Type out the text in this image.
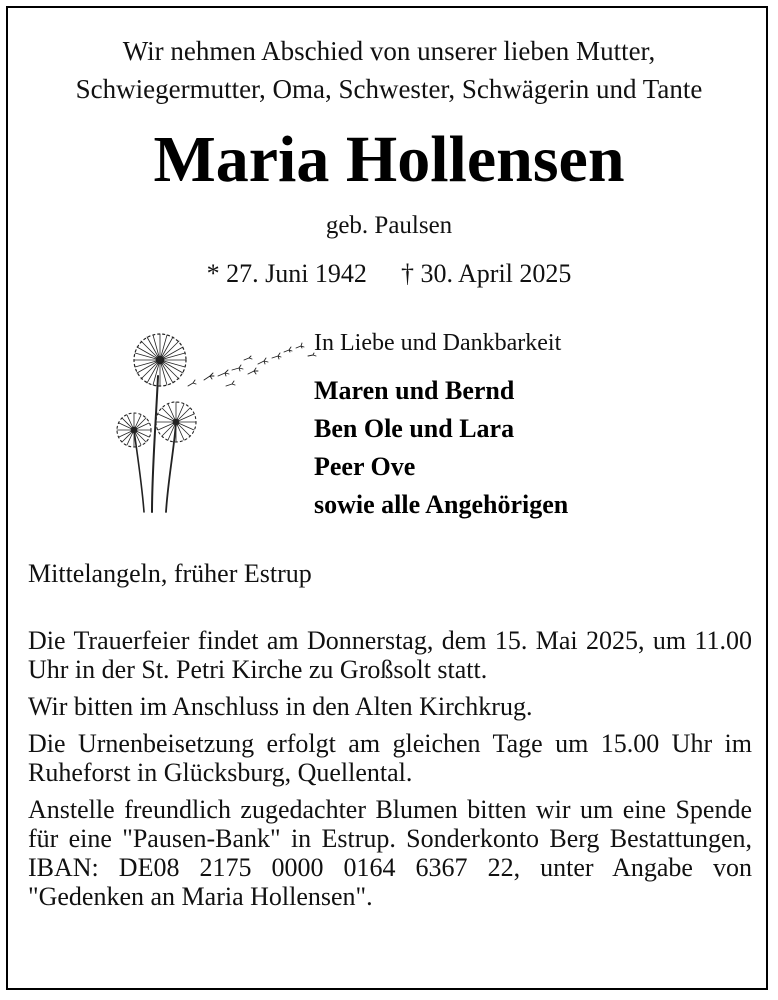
Wir nehmen Abschied von unserer lieben Mutter,
Schwiegermutter, Oma, Schwester, Schwägerin und Tante
Maria Hollensen
geb. Paulsen
* 27. Juni 1942 † 30. April 2025
In Liebe und Dankbarkeit
Maren und Bernd
Ben Ole und Lara
Peer Ove
sowie alle Angehörigen
Mittelangeln, früher Estrup

Die Trauerfeier findet am Donnerstag, dem 15. Mai 2025, um 11.00 Uhr in der St. Petri Kirche zu Großsolt statt.

Wir bitten im Anschluss in den Alten Kirchkrug.

Die Urnenbeisetzung erfolgt am gleichen Tage um 15.00 Uhr im Ruheforst in Glücksburg, Quellental.

Anstelle freundlich zugedachter Blumen bitten wir um eine Spende für eine "Pausen-Bank" in Estrup. Sonderkonto Berg Bestattungen, IBAN: DE08 2175 0000 0164 6367 22, unter Angabe von "Gedenken an Maria Hollensen".
